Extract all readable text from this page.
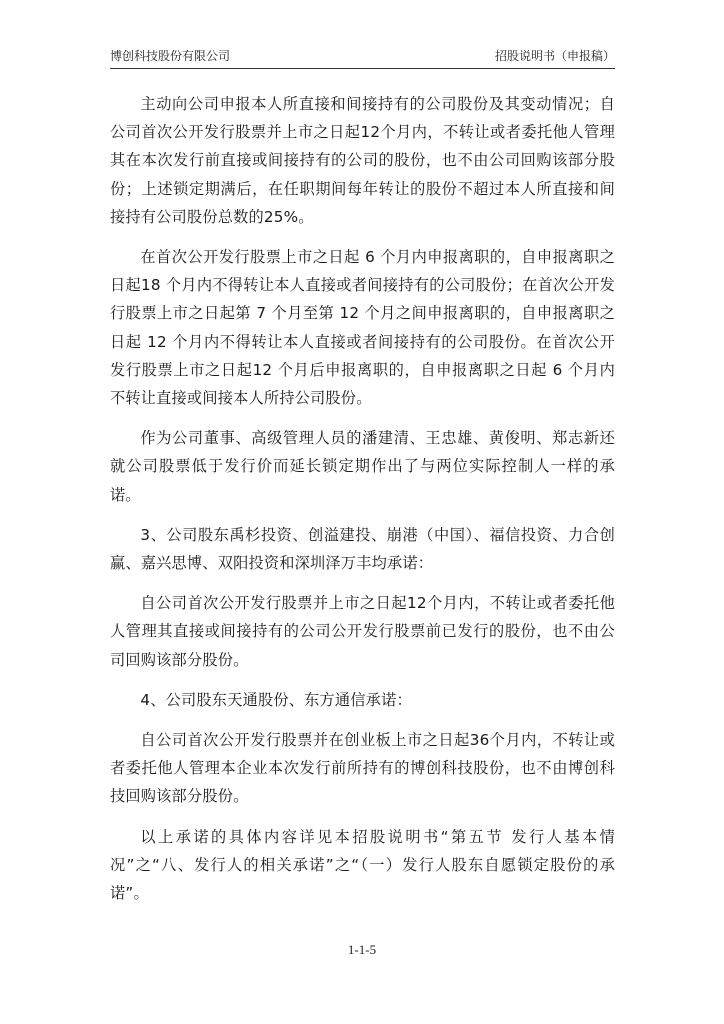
博创科技股份有限公司	招股说明书（申报稿）

主动向公司申报本人所直接和间接持有的公司股份及其变动情况；自公司首次公开发行股票并上市之日起12个月内，不转让或者委托他人管理其在本次发行前直接或间接持有的公司的股份，也不由公司回购该部分股份；上述锁定期满后，在任职期间每年转让的股份不超过本人所直接和间接持有公司股份总数的25%。

在首次公开发行股票上市之日起 6 个月内申报离职的，自申报离职之日起18 个月内不得转让本人直接或者间接持有的公司股份；在首次公开发行股票上市之日起第 7 个月至第 12 个月之间申报离职的，自申报离职之日起 12 个月内不得转让本人直接或者间接持有的公司股份。在首次公开发行股票上市之日起12 个月后申报离职的，自申报离职之日起 6 个月内不转让直接或间接本人所持公司股份。

作为公司董事、高级管理人员的潘建清、王忠雄、黄俊明、郑志新还就公司股票低于发行价而延长锁定期作出了与两位实际控制人一样的承诺。

3、公司股东禹杉投资、创溢建投、崩港（中国）、福信投资、力合创赢、嘉兴思博、双阳投资和深圳泽万丰均承诺：

自公司首次公开发行股票并上市之日起12个月内，不转让或者委托他人管理其直接或间接持有的公司公开发行股票前已发行的股份，也不由公司回购该部分股份。

4、公司股东天通股份、东方通信承诺：

自公司首次公开发行股票并在创业板上市之日起36个月内，不转让或者委托他人管理本企业本次发行前所持有的博创科技股份，也不由博创科技回购该部分股份。

以上承诺的具体内容详见本招股说明书“第五节 发行人基本情况”之“八、发行人的相关承诺”之“（一）发行人股东自愿锁定股份的承诺”。

1-1-5
